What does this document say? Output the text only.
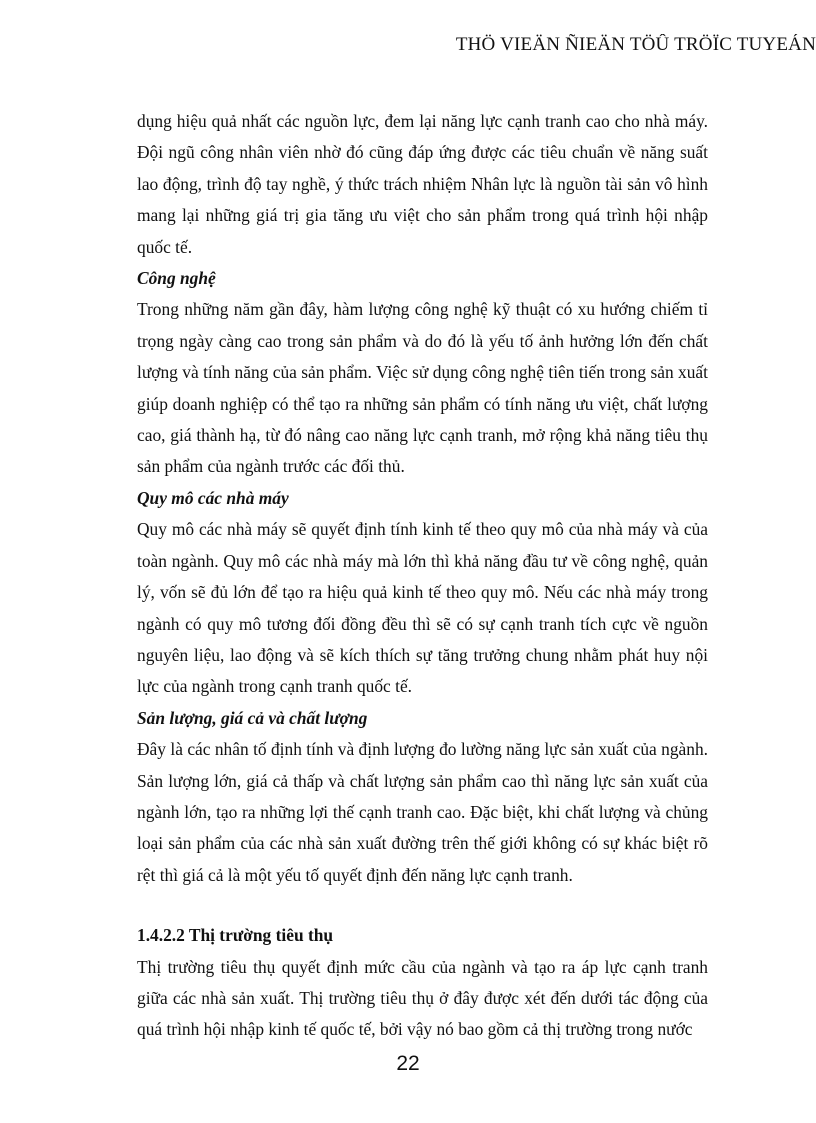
THÖ VIEÄN ÑIEÄN TÖÛ TRÖÏC TUYEÁN

dụng hiệu quả nhất các nguồn lực, đem lại năng lực cạnh tranh cao cho nhà máy. Đội ngũ công nhân viên nhờ đó cũng đáp ứng được các tiêu chuẩn về năng suất lao động, trình độ tay nghề, ý thức trách nhiệm Nhân lực là nguồn tài sản vô hình mang lại những giá trị gia tăng ưu việt cho sản phẩm trong quá trình hội nhập quốc tế.

Công nghệ

Trong những năm gần đây, hàm lượng công nghệ kỹ thuật có xu hướng chiếm tỉ trọng ngày càng cao trong sản phẩm và do đó là yếu tố ảnh hưởng lớn đến chất lượng và tính năng của sản phẩm. Việc sử dụng công nghệ tiên tiến trong sản xuất giúp doanh nghiệp có thể tạo ra những sản phẩm có tính năng ưu việt, chất lượng cao, giá thành hạ, từ đó nâng cao năng lực cạnh tranh, mở rộng khả năng tiêu thụ sản phẩm của ngành trước các đối thủ.

Quy mô các nhà máy

Quy mô các nhà máy sẽ quyết định tính kinh tế theo quy mô của nhà máy và của toàn ngành. Quy mô các nhà máy mà lớn thì khả năng đầu tư về công nghệ, quản lý, vốn sẽ đủ lớn để tạo ra hiệu quả kinh tế theo quy mô. Nếu các nhà máy trong ngành có quy mô tương đối đồng đều thì sẽ có sự cạnh tranh tích cực về nguồn nguyên liệu, lao động và sẽ kích thích sự tăng trưởng chung nhằm phát huy nội lực của ngành trong cạnh tranh quốc tế.

Sản lượng, giá cả và chất lượng

Đây là các nhân tố định tính và định lượng đo lường năng lực sản xuất của ngành. Sản lượng lớn, giá cả thấp và chất lượng sản phẩm cao thì năng lực sản xuất của ngành lớn, tạo ra những lợi thế cạnh tranh cao. Đặc biệt, khi chất lượng và chủng loại sản phẩm của các nhà sản xuất đường trên thế giới không có sự khác biệt rõ rệt thì giá cả là một yếu tố quyết định đến năng lực cạnh tranh.

1.4.2.2 Thị trường tiêu thụ

Thị trường tiêu thụ quyết định mức cầu của ngành và tạo ra áp lực cạnh tranh giữa các nhà sản xuất. Thị trường tiêu thụ ở đây được xét đến dưới tác động của quá trình hội nhập kinh tế quốc tế, bởi vậy nó bao gồm cả thị trường trong nước

22
